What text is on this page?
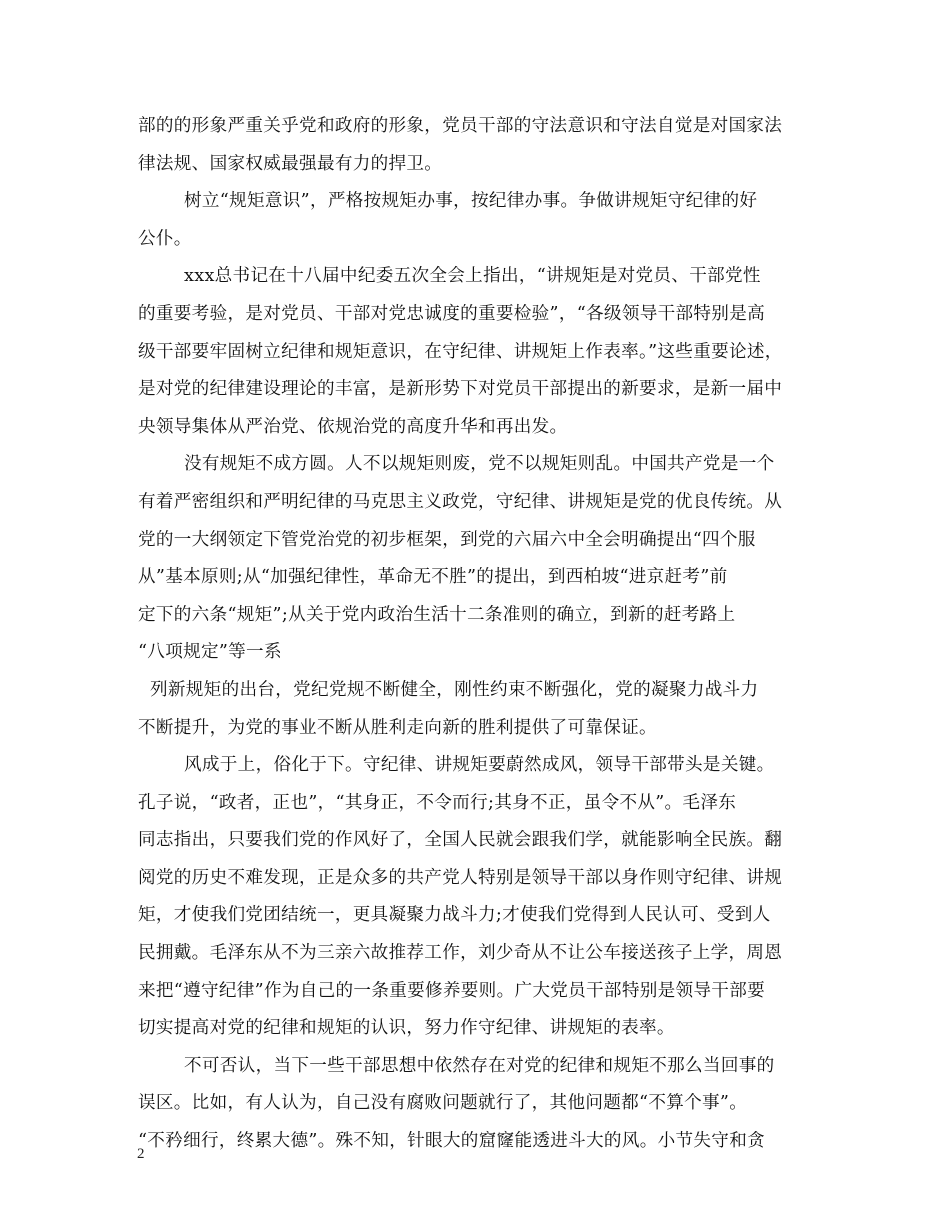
部的的形象严重关乎党和政府的形象，党员干部的守法意识和守法自觉是对国家法
律法规、国家权威最强最有力的捍卫。
树立“规矩意识”，严格按规矩办事，按纪律办事。争做讲规矩守纪律的好
公仆。
xxx总书记在十八届中纪委五次全会上指出，“讲规矩是对党员、干部党性
的重要考验，是对党员、干部对党忠诚度的重要检验”，“各级领导干部特别是高
级干部要牢固树立纪律和规矩意识，在守纪律、讲规矩上作表率。”这些重要论述，
是对党的纪律建设理论的丰富，是新形势下对党员干部提出的新要求，是新一届中
央领导集体从严治党、依规治党的高度升华和再出发。
没有规矩不成方圆。人不以规矩则废，党不以规矩则乱。中国共产党是一个
有着严密组织和严明纪律的马克思主义政党，守纪律、讲规矩是党的优良传统。从
党的一大纲领定下管党治党的初步框架，到党的六届六中全会明确提出“四个服
从”基本原则;从“加强纪律性，革命无不胜”的提出，到西柏坡“进京赶考”前
定下的六条“规矩”;从关于党内政治生活十二条准则的确立，到新的赶考路上
“八项规定”等一系
列新规矩的出台，党纪党规不断健全，刚性约束不断强化，党的凝聚力战斗力
不断提升，为党的事业不断从胜利走向新的胜利提供了可靠保证。
风成于上，俗化于下。守纪律、讲规矩要蔚然成风，领导干部带头是关键。
孔子说，“政者，正也”，“其身正，不令而行;其身不正，虽令不从”。毛泽东
同志指出，只要我们党的作风好了，全国人民就会跟我们学，就能影响全民族。翻
阅党的历史不难发现，正是众多的共产党人特别是领导干部以身作则守纪律、讲规
矩，才使我们党团结统一，更具凝聚力战斗力;才使我们党得到人民认可、受到人
民拥戴。毛泽东从不为三亲六故推荐工作，刘少奇从不让公车接送孩子上学，周恩
来把“遵守纪律”作为自己的一条重要修养要则。广大党员干部特别是领导干部要
切实提高对党的纪律和规矩的认识，努力作守纪律、讲规矩的表率。
不可否认，当下一些干部思想中依然存在对党的纪律和规矩不那么当回事的
误区。比如，有人认为，自己没有腐败问题就行了，其他问题都“不算个事”。
“不矜细行，终累大德”。殊不知，针眼大的窟窿能透进斗大的风。小节失守和贪
2
